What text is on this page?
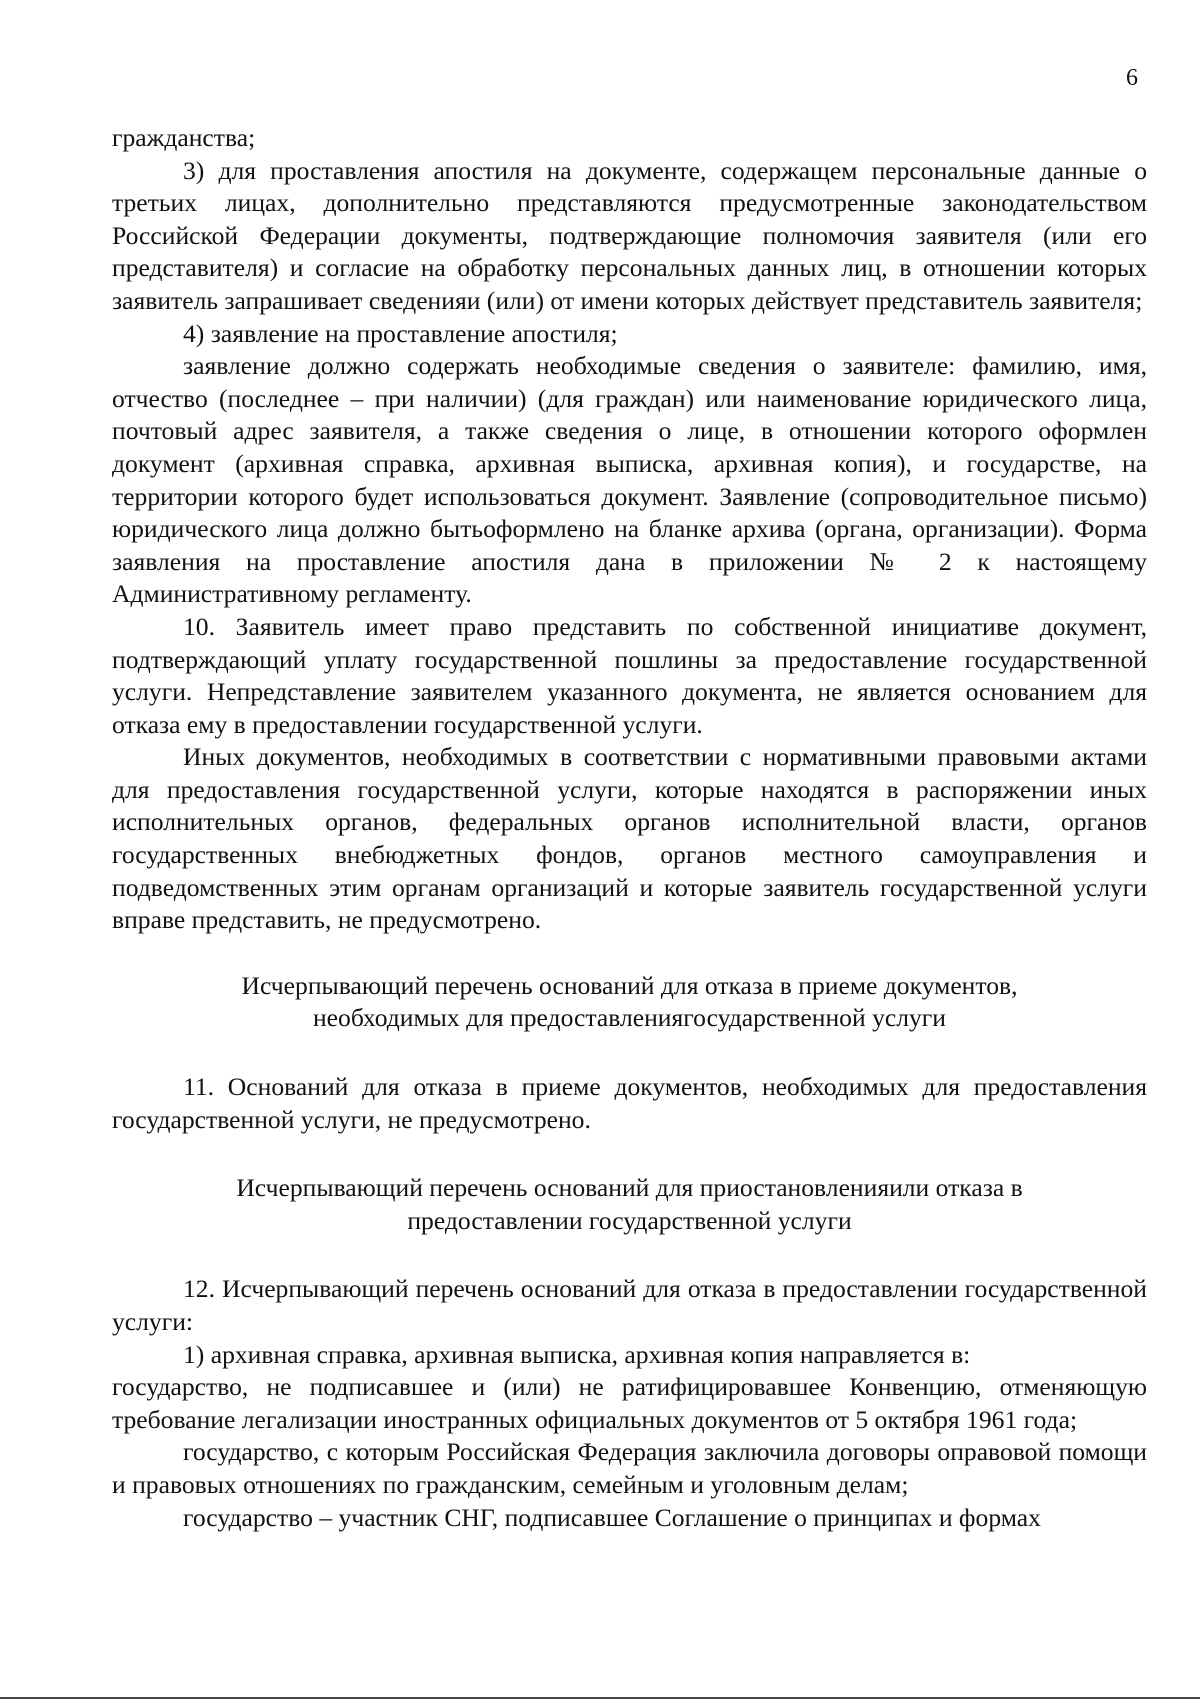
6

гражданства;

3) для проставления апостиля на документе, содержащем персональные данные о третьих лицах, дополнительно представляются предусмотренные законодательством Российской Федерации документы, подтверждающие полномочия заявителя (или его представителя) и согласие на обработку персональных данных лиц, в отношении которых заявитель запрашивает сведенияи (или) от имени которых действует представитель заявителя;

4) заявление на проставление апостиля;

заявление должно содержать необходимые сведения о заявителе: фамилию, имя, отчество (последнее – при наличии) (для граждан) или наименование юридического лица, почтовый адрес заявителя, а также сведения о лице, в отношении которого оформлен документ (архивная справка, архивная выписка, архивная копия), и государстве, на территории которого будет использоваться документ. Заявление (сопроводительное письмо) юридического лица должно бытьоформлено на бланке архива (органа, организации). Форма заявления на проставление апостиля дана в приложении № 2 к настоящему Административному регламенту.

10. Заявитель имеет право представить по собственной инициативе документ, подтверждающий уплату государственной пошлины за предоставление государственной услуги. Непредставление заявителем указанного документа, не является основанием для отказа ему в предоставлении государственной услуги.

Иных документов, необходимых в соответствии с нормативными правовыми актами для предоставления государственной услуги, которые находятся в распоряжении иных исполнительных органов, федеральных органов исполнительной власти, органов государственных внебюджетных фондов, органов местного самоуправления и подведомственных этим органам организаций и которые заявитель государственной услуги вправе представить, не предусмотрено.

Исчерпывающий перечень оснований для отказа в приеме документов, необходимых для предоставлениягосударственной услуги

11. Оснований для отказа в приеме документов, необходимых для предоставления государственной услуги, не предусмотрено.

Исчерпывающий перечень оснований для приостановленияили отказа в предоставлении государственной услуги

12. Исчерпывающий перечень оснований для отказа в предоставлении государственной услуги:

1) архивная справка, архивная выписка, архивная копия направляется в:

государство, не подписавшее и (или) не ратифицировавшее Конвенцию, отменяющую требование легализации иностранных официальных документов от 5 октября 1961 года;

государство, с которым Российская Федерация заключила договоры оправовой помощи и правовых отношениях по гражданским, семейным и уголовным делам;

государство – участник СНГ, подписавшее Соглашение о принципах и формах
